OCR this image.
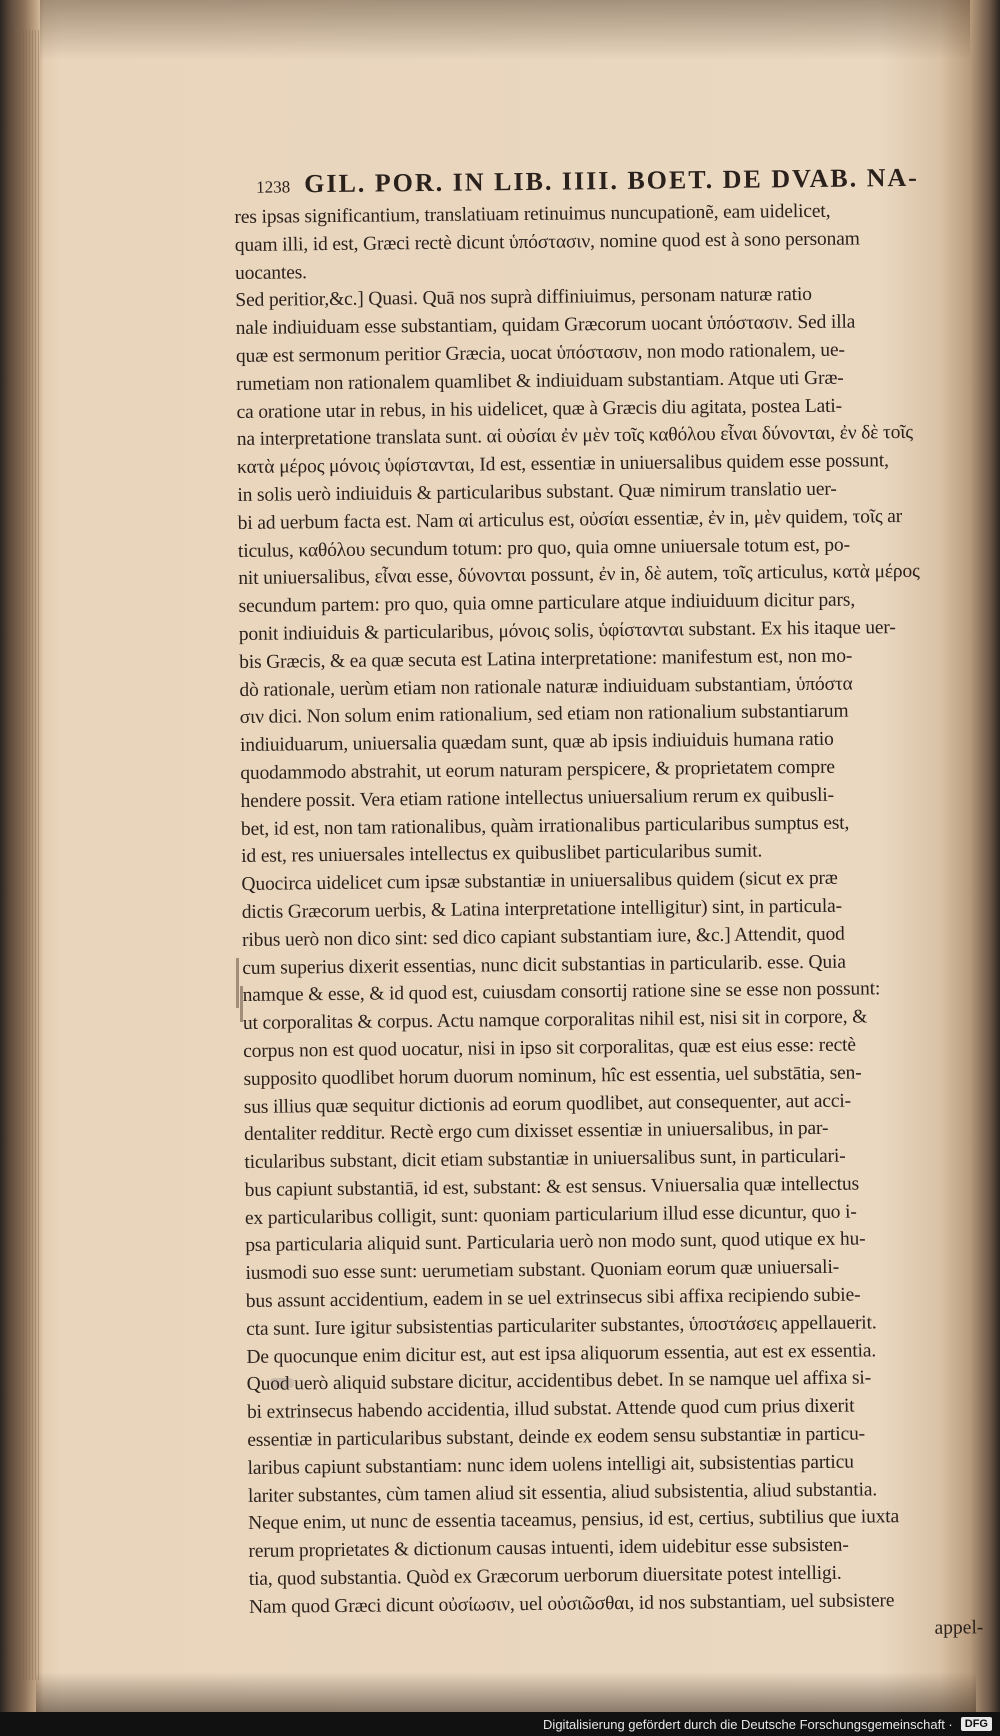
1238 GIL. POR. IN LIB. IIII. BOET. DE DVAB. NA-
res ipsas significantium, translatiuam retinuimus nuncupationẽ, eam uidelicet,
quam illi, id est, Græci rectè dicunt ὑπόστασιν, nomine quod est à sono personam
uocantes.
Sed peritior,&c.] Quasi. Quā nos suprà diffiniuimus, personam naturæ ratio
nale indiuiduam esse substantiam, quidam Græcorum uocant ὑπόστασιν. Sed illa
quæ est sermonum peritior Græcia, uocat ὑπόστασιν, non modo rationalem, ue-
rumetiam non rationalem quamlibet & indiuiduam substantiam. Atque uti Græ-
ca oratione utar in rebus, in his uidelicet, quæ à Græcis diu agitata, postea Lati-
na interpretatione translata sunt. αἱ οὐσίαι ἐν μὲν τοῖς καθόλου εἶναι δύνονται, ἐν δὲ τοῖς
κατὰ μέρος μόνοις ὑφίστανται, Id est, essentiæ in uniuersalibus quidem esse possunt,
in solis uerò indiuiduis & particularibus substant. Quæ nimirum translatio uer-
bi ad uerbum facta est. Nam αἱ articulus est, οὐσίαι essentiæ, ἐν in, μὲν quidem, τοῖς ar
ticulus, καθόλου secundum totum: pro quo, quia omne uniuersale totum est, po-
nit uniuersalibus, εἶναι esse, δύνονται possunt, ἐν in, δὲ autem, τοῖς articulus, κατὰ μέρος
secundum partem: pro quo, quia omne particulare atque indiuiduum dicitur pars,
ponit indiuiduis & particularibus, μόνοις solis, ὑφίστανται substant. Ex his itaque uer-
bis Græcis, & ea quæ secuta est Latina interpretatione: manifestum est, non mo-
dò rationale, uerùm etiam non rationale naturæ indiuiduam substantiam, ὑπόστα
σιν dici. Non solum enim rationalium, sed etiam non rationalium substantiarum
indiuiduarum, uniuersalia quædam sunt, quæ ab ipsis indiuiduis humana ratio
quodammodo abstrahit, ut eorum naturam perspicere, & proprietatem compre
hendere possit. Vera etiam ratione intellectus uniuersalium rerum ex quibusli-
bet, id est, non tam rationalibus, quàm irrationalibus particularibus sumptus est,
id est, res uniuersales intellectus ex quibuslibet particularibus sumit.
Quocirca uidelicet cum ipsæ substantiæ in uniuersalibus quidem (sicut ex præ
dictis Græcorum uerbis, & Latina interpretatione intelligitur) sint, in particula-
ribus uerò non dico sint: sed dico capiant substantiam iure, &c.] Attendit, quod
cum superius dixerit essentias, nunc dicit substantias in particularib. esse. Quia
namque & esse, & id quod est, cuiusdam consortij ratione sine se esse non possunt:
ut corporalitas & corpus. Actu namque corporalitas nihil est, nisi sit in corpore, &
corpus non est quod uocatur, nisi in ipso sit corporalitas, quæ est eius esse: rectè
supposito quodlibet horum duorum nominum, hîc est essentia, uel substātia, sen-
sus illius quæ sequitur dictionis ad eorum quodlibet, aut consequenter, aut acci-
dentaliter redditur. Rectè ergo cum dixisset essentiæ in uniuersalibus, in par-
ticularibus substant, dicit etiam substantiæ in uniuersalibus sunt, in particulari-
bus capiunt substantiā, id est, substant: & est sensus. Vniuersalia quæ intellectus
ex particularibus colligit, sunt: quoniam particularium illud esse dicuntur, quo i-
psa particularia aliquid sunt. Particularia uerò non modo sunt, quod utique ex hu-
iusmodi suo esse sunt: uerumetiam substant. Quoniam eorum quæ uniuersali-
bus assunt accidentium, eadem in se uel extrinsecus sibi affixa recipiendo subie-
cta sunt. Iure igitur subsistentias particulariter substantes, ὑποστάσεις appellauerit.
De quocunque enim dicitur est, aut est ipsa aliquorum essentia, aut est ex essentia.
Quod uerò aliquid substare dicitur, accidentibus debet. In se namque uel affixa si-
bi extrinsecus habendo accidentia, illud substat. Attende quod cum prius dixerit
essentiæ in particularibus substant, deinde ex eodem sensu substantiæ in particu-
laribus capiunt substantiam: nunc idem uolens intelligi ait, subsistentias particu
lariter substantes, cùm tamen aliud sit essentia, aliud subsistentia, aliud substantia.
Neque enim, ut nunc de essentia taceamus, pensius, id est, certius, subtilius que iuxta
rerum proprietates & dictionum causas intuenti, idem uidebitur esse subsisten-
tia, quod substantia. Quòd ex Græcorum uerborum diuersitate potest intelligi.
Nam quod Græci dicunt οὐσίωσιν, uel οὐσιῶσθαι, id nos substantiam, uel subsistere
appel-
Digitalisierung gefördert durch die Deutsche Forschungsgemeinschaft ·	DFG
